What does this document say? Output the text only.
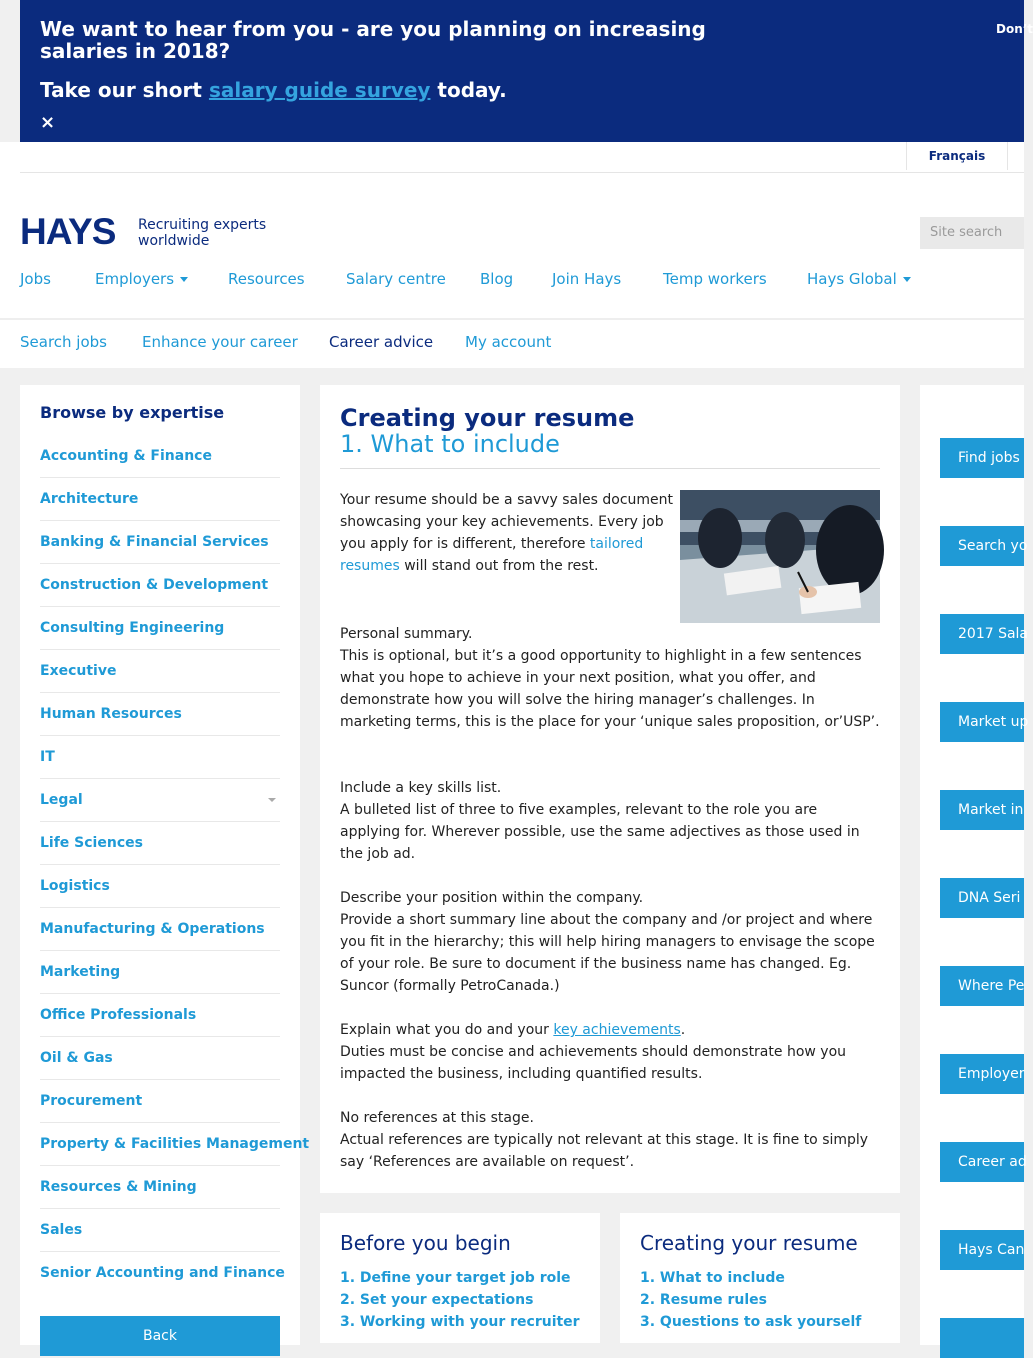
We want to hear from you - are you planning on increasing salaries in 2018?

Take our short salary guide survey today.
×
Don’t
Français
HAYS Recruiting experts worldwide
Site search
Jobs	Employers	Resources	Salary centre Blog	Join Hays	Temp workers	Hays Global
Search jobs Enhance your career Career advice My account
Browse by expertise
Accounting & Finance
Architecture
Banking & Financial Services
Construction & Development
Consulting Engineering
Executive
Human Resources
IT
Legal
Life Sciences
Logistics
Manufacturing & Operations
Marketing
Office Professionals
Oil & Gas
Procurement
Property & Facilities Management
Resources & Mining
Sales
Senior Accounting and Finance
Back
Creating your resume
1. What to include
Your resume should be a savvy sales document showcasing your key achievements. Every job you apply for is different, therefore tailored resumes will stand out from the rest.
Personal summary.
This is optional, but it’s a good opportunity to highlight in a few sentences what you hope to achieve in your next position, what you offer, and demonstrate how you will solve the hiring manager’s challenges. In marketing terms, this is the place for your ‘unique sales proposition, or’USP’.
Include a key skills list.
A bulleted list of three to five examples, relevant to the role you are applying for. Wherever possible, use the same adjectives as those used in the job ad.
Describe your position within the company.
Provide a short summary line about the company and /or project and where you fit in the hierarchy; this will help hiring managers to envisage the scope of your role. Be sure to document if the business name has changed. Eg. Suncor (formally PetroCanada.)
Explain what you do and your key achievements.
Duties must be concise and achievements should demonstrate how you impacted the business, including quantified results.
No references at this stage.
Actual references are typically not relevant at this stage. It is fine to simply say ‘References are available on request’.
Find jobs
Search yo
2017 Sala
Market up
Market in
DNA Seri
Where Pe
Employer
Career ad
Hays Can
Before you begin
1. Define your target job role
2. Set your expectations
3. Working with your recruiter
Creating your resume
1. What to include
2. Resume rules
3. Questions to ask yourself
